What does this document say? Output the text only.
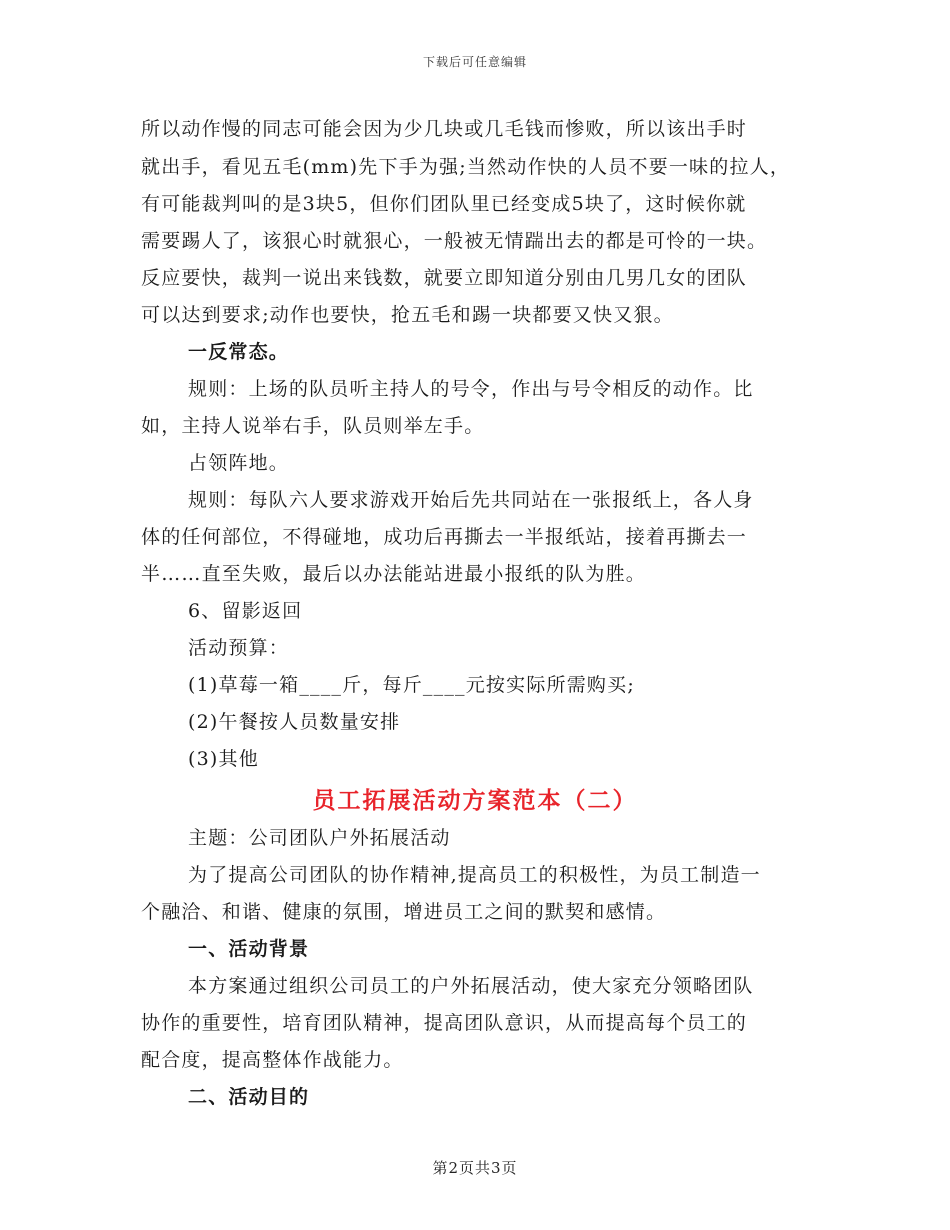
下载后可任意编辑
所以动作慢的同志可能会因为少几块或几毛钱而惨败，所以该出手时
就出手，看见五毛(mm)先下手为强;当然动作快的人员不要一味的拉人，
有可能裁判叫的是3块5，但你们团队里已经变成5块了，这时候你就
需要踢人了，该狠心时就狠心，一般被无情踹出去的都是可怜的一块。
反应要快，裁判一说出来钱数，就要立即知道分别由几男几女的团队
可以达到要求;动作也要快，抢五毛和踢一块都要又快又狠。
一反常态。
规则：上场的队员听主持人的号令，作出与号令相反的动作。比
如，主持人说举右手，队员则举左手。
占领阵地。
规则：每队六人要求游戏开始后先共同站在一张报纸上，各人身
体的任何部位，不得碰地，成功后再撕去一半报纸站，接着再撕去一
半……直至失败，最后以办法能站进最小报纸的队为胜。
6、留影返回
活动预算：
(1)草莓一箱____斤，每斤____元按实际所需购买;
(2)午餐按人员数量安排
(3)其他
员工拓展活动方案范本（二）
主题：公司团队户外拓展活动
为了提高公司团队的协作精神,提高员工的积极性，为员工制造一
个融洽、和谐、健康的氛围，增进员工之间的默契和感情。
一、活动背景
本方案通过组织公司员工的户外拓展活动，使大家充分领略团队
协作的重要性，培育团队精神，提高团队意识，从而提高每个员工的
配合度，提高整体作战能力。
二、活动目的
第2页共3页
